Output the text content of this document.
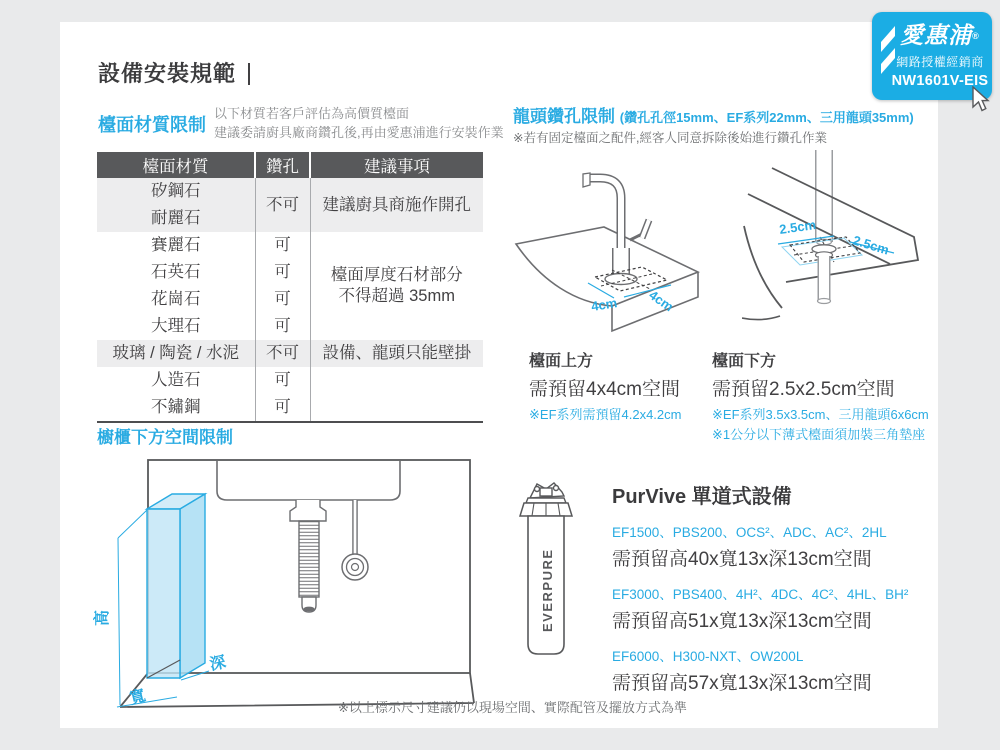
設備安裝規範
檯面材質限制
以下材質若客戶評估為高價質檯面
建議委請廚具廠商鑽孔後,再由愛惠浦進行安裝作業
檯面材質	鑽孔	建議事項
矽鋼石	不可	建議廚具商施作開孔
耐麗石		
賽麗石	可	檯面厚度石材部分
不得超過 35mm

石英石	可	
花崗石	可	
大理石	可	
玻璃 / 陶瓷 / 水泥	不可	設備、龍頭只能壁掛
人造石	可	
不鏽鋼	可	
櫥櫃下方空間限制
高
寬
深
龍頭鑽孔限制 (鑽孔孔徑15mm、EF系列22mm、三用龍頭35mm)
※若有固定檯面之配件,經客人同意拆除後始進行鑽孔作業
4cm 4cm
2.5cm
2.5cm
檯面上方
需預留4x4cm空間
※EF系列需預留4.2x4.2cm
檯面下方
需預留2.5x2.5cm空間
※EF系列3.5x3.5cm、三用龍頭6x6cm
※1公分以下薄式檯面須加裝三角墊座
EVERPURE
PurVive 單道式設備
EF1500、PBS200、OCS²、ADC、AC²、2HL
需預留高40x寬13x深13cm空間
EF3000、PBS400、4H²、4DC、4C²、4HL、BH²
需預留高51x寬13x深13cm空間
EF6000、H300-NXT、OW200L
需預留高57x寬13x深13cm空間
※以上標示尺寸建議仍以現場空間、實際配管及擺放方式為準
愛惠浦®
網路授權經銷商
NW1601V-EIS
